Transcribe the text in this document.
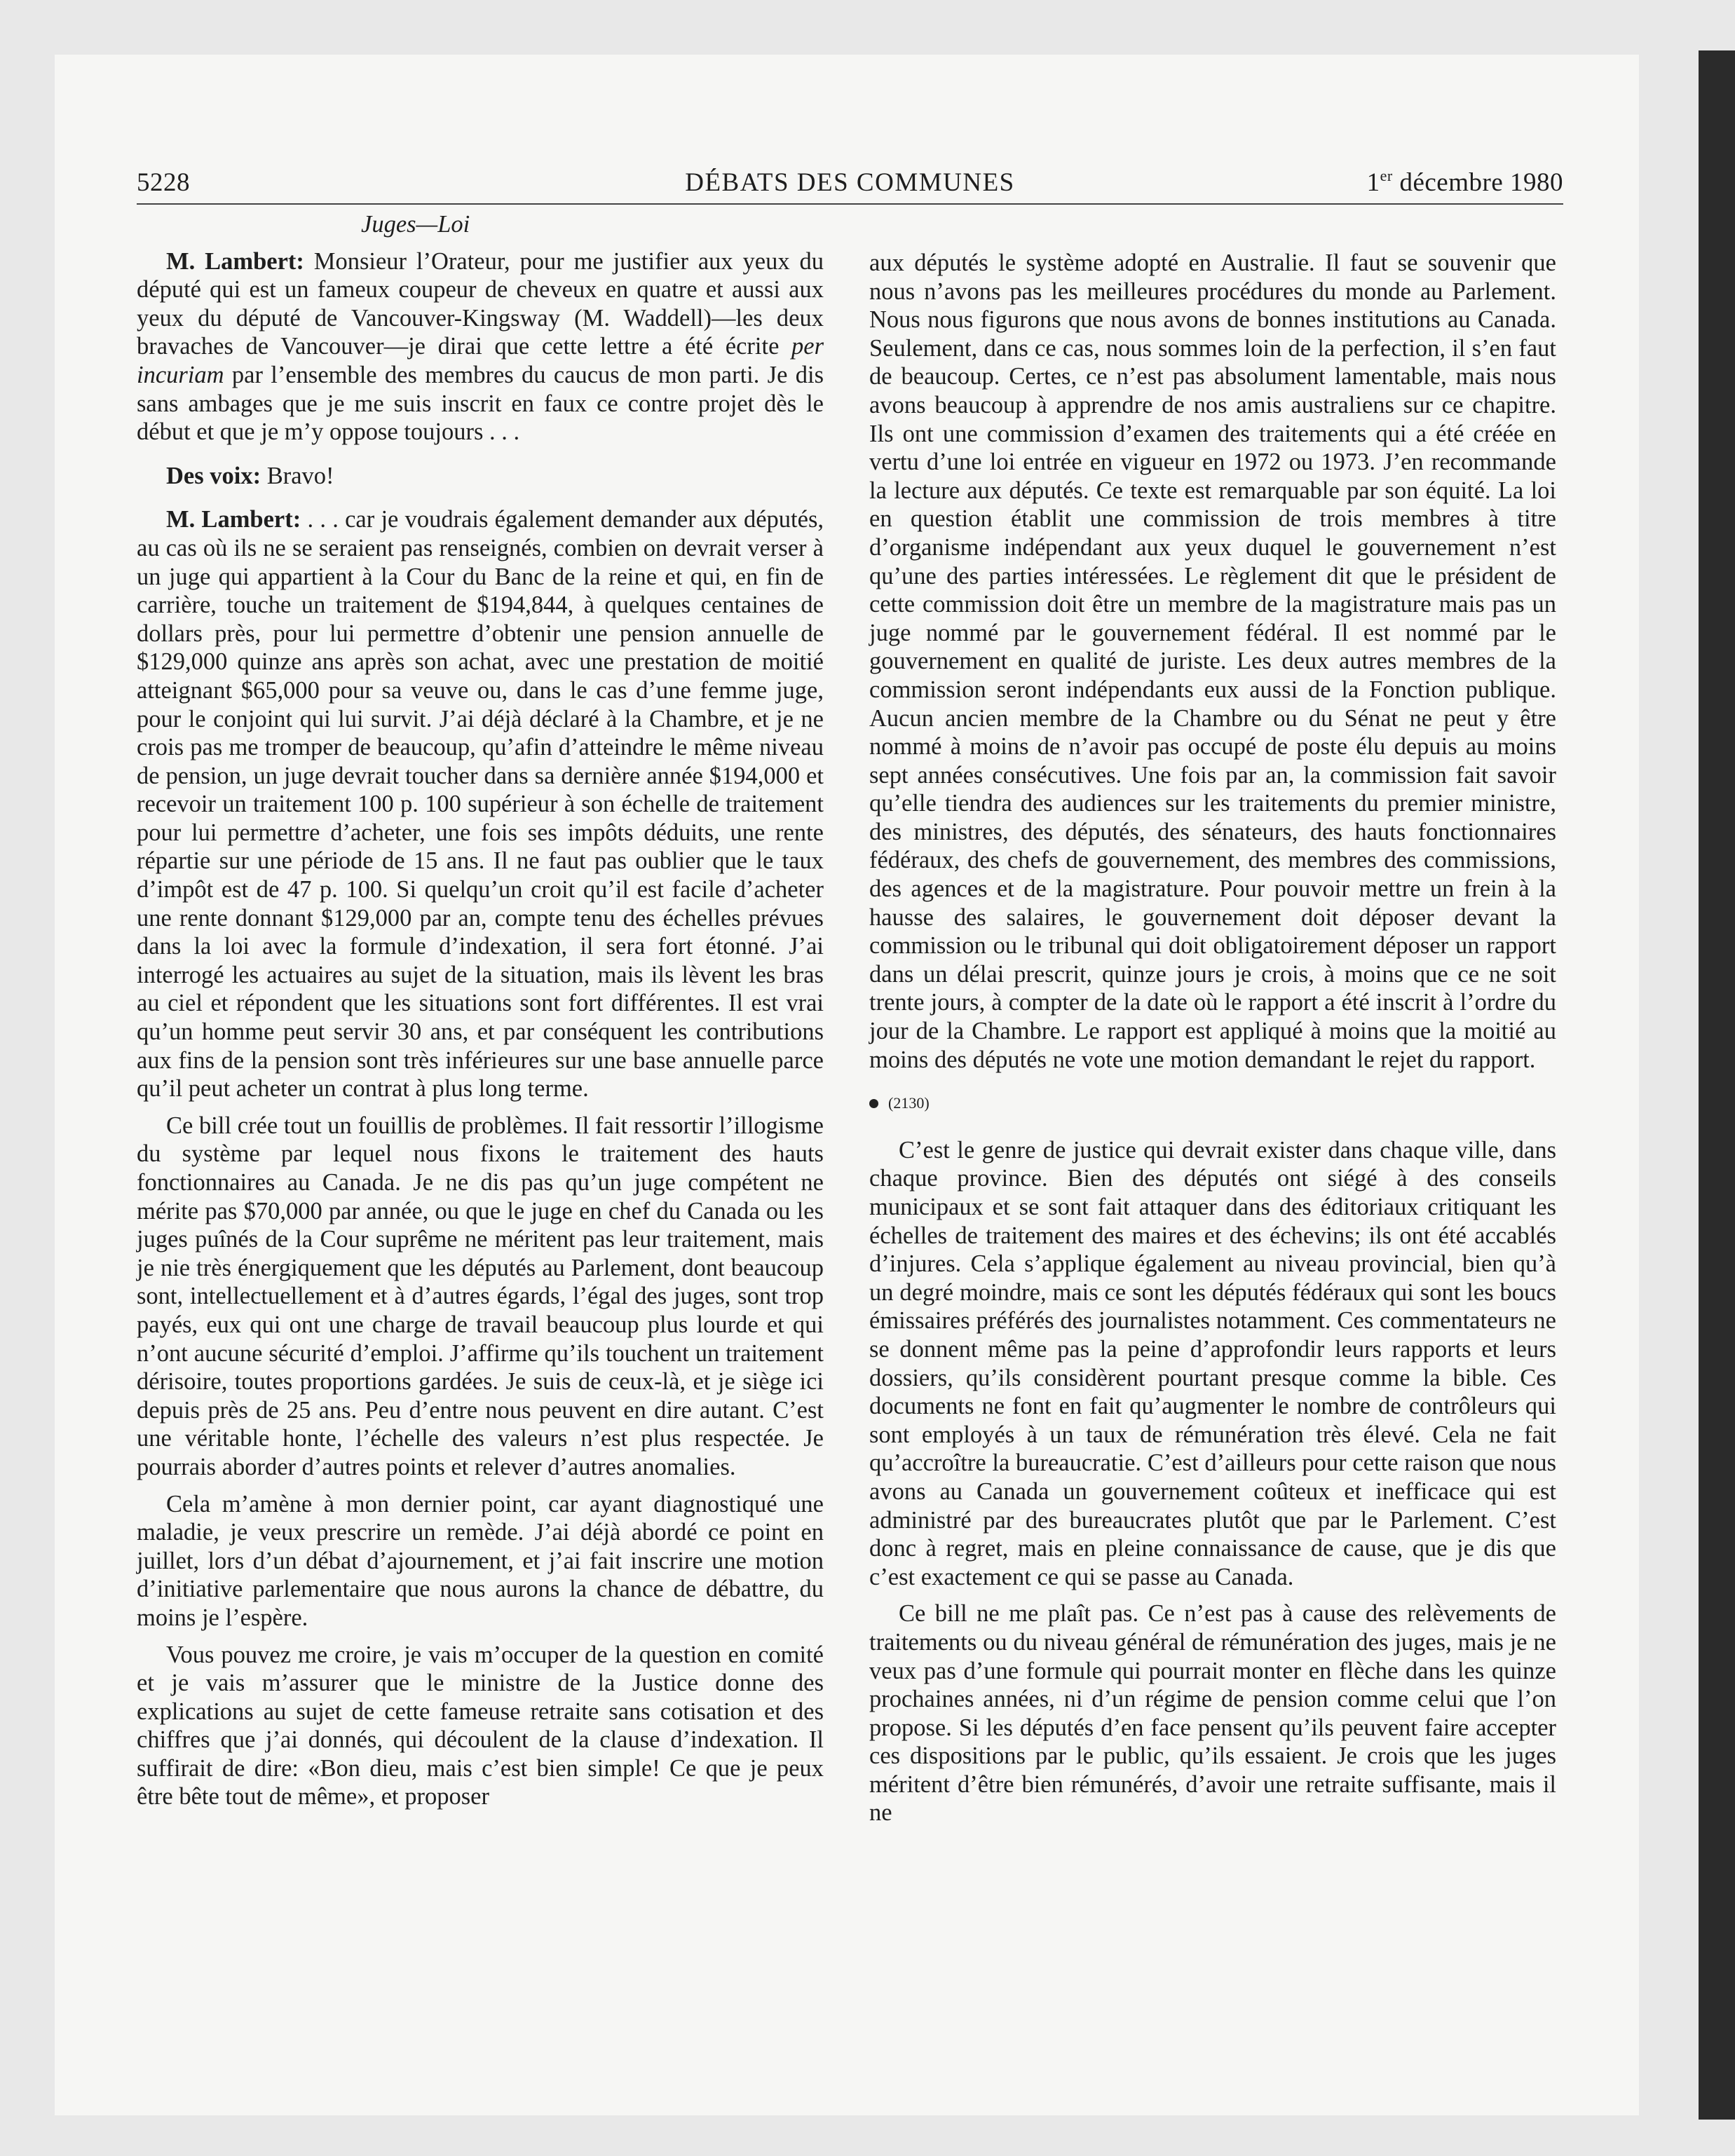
5228	DÉBATS DES COMMUNES	1er décembre 1980

Juges—Loi

M. Lambert: Monsieur l’Orateur, pour me justifier aux yeux du député qui est un fameux coupeur de cheveux en quatre et aussi aux yeux du député de Vancouver-Kingsway (M. Waddell)—les deux bravaches de Vancouver—je dirai que cette lettre a été écrite per incuriam par l’ensemble des membres du caucus de mon parti. Je dis sans ambages que je me suis inscrit en faux ce contre projet dès le début et que je m’y oppose toujours . . .

Des voix: Bravo!

M. Lambert: . . . car je voudrais également demander aux députés, au cas où ils ne se seraient pas renseignés, combien on devrait verser à un juge qui appartient à la Cour du Banc de la reine et qui, en fin de carrière, touche un traitement de $194,844, à quelques centaines de dollars près, pour lui permettre d’obtenir une pension annuelle de $129,000 quinze ans après son achat, avec une prestation de moitié atteignant $65,000 pour sa veuve ou, dans le cas d’une femme juge, pour le conjoint qui lui survit. J’ai déjà déclaré à la Chambre, et je ne crois pas me tromper de beaucoup, qu’afin d’atteindre le même niveau de pension, un juge devrait toucher dans sa dernière année $194,000 et recevoir un traitement 100 p. 100 supérieur à son échelle de traitement pour lui permettre d’acheter, une fois ses impôts déduits, une rente répartie sur une période de 15 ans. Il ne faut pas oublier que le taux d’impôt est de 47 p. 100. Si quelqu’un croit qu’il est facile d’acheter une rente donnant $129,000 par an, compte tenu des échelles prévues dans la loi avec la formule d’indexation, il sera fort étonné. J’ai interrogé les actuaires au sujet de la situation, mais ils lèvent les bras au ciel et répondent que les situations sont fort différentes. Il est vrai qu’un homme peut servir 30 ans, et par conséquent les contributions aux fins de la pension sont très inférieures sur une base annuelle parce qu’il peut acheter un contrat à plus long terme.

Ce bill crée tout un fouillis de problèmes. Il fait ressortir l’illogisme du système par lequel nous fixons le traitement des hauts fonctionnaires au Canada. Je ne dis pas qu’un juge compétent ne mérite pas $70,000 par année, ou que le juge en chef du Canada ou les juges puînés de la Cour suprême ne méritent pas leur traitement, mais je nie très énergiquement que les députés au Parlement, dont beaucoup sont, intellectuellement et à d’autres égards, l’égal des juges, sont trop payés, eux qui ont une charge de travail beaucoup plus lourde et qui n’ont aucune sécurité d’emploi. J’affirme qu’ils touchent un traitement dérisoire, toutes proportions gardées. Je suis de ceux-là, et je siège ici depuis près de 25 ans. Peu d’entre nous peuvent en dire autant. C’est une véritable honte, l’échelle des valeurs n’est plus respectée. Je pourrais aborder d’autres points et relever d’autres anomalies.

Cela m’amène à mon dernier point, car ayant diagnostiqué une maladie, je veux prescrire un remède. J’ai déjà abordé ce point en juillet, lors d’un débat d’ajournement, et j’ai fait inscrire une motion d’initiative parlementaire que nous aurons la chance de débattre, du moins je l’espère.

Vous pouvez me croire, je vais m’occuper de la question en comité et je vais m’assurer que le ministre de la Justice donne des explications au sujet de cette fameuse retraite sans cotisation et des chiffres que j’ai donnés, qui découlent de la clause d’indexation. Il suffirait de dire: «Bon dieu, mais c’est bien simple! Ce que je peux être bête tout de même», et proposer

aux députés le système adopté en Australie. Il faut se souvenir que nous n’avons pas les meilleures procédures du monde au Parlement. Nous nous figurons que nous avons de bonnes institutions au Canada. Seulement, dans ce cas, nous sommes loin de la perfection, il s’en faut de beaucoup. Certes, ce n’est pas absolument lamentable, mais nous avons beaucoup à apprendre de nos amis australiens sur ce chapitre. Ils ont une commission d’examen des traitements qui a été créée en vertu d’une loi entrée en vigueur en 1972 ou 1973. J’en recommande la lecture aux députés. Ce texte est remarquable par son équité. La loi en question établit une commission de trois membres à titre d’organisme indépendant aux yeux duquel le gouvernement n’est qu’une des parties intéressées. Le règlement dit que le président de cette commission doit être un membre de la magistrature mais pas un juge nommé par le gouvernement fédéral. Il est nommé par le gouvernement en qualité de juriste. Les deux autres membres de la commission seront indépendants eux aussi de la Fonction publique. Aucun ancien membre de la Chambre ou du Sénat ne peut y être nommé à moins de n’avoir pas occupé de poste élu depuis au moins sept années consécutives. Une fois par an, la commission fait savoir qu’elle tiendra des audiences sur les traitements du premier ministre, des ministres, des députés, des sénateurs, des hauts fonctionnaires fédéraux, des chefs de gouvernement, des membres des commissions, des agences et de la magistrature. Pour pouvoir mettre un frein à la hausse des salaires, le gouvernement doit déposer devant la commission ou le tribunal qui doit obligatoirement déposer un rapport dans un délai prescrit, quinze jours je crois, à moins que ce ne soit trente jours, à compter de la date où le rapport a été inscrit à l’ordre du jour de la Chambre. Le rapport est appliqué à moins que la moitié au moins des députés ne vote une motion demandant le rejet du rapport.

(2130)

C’est le genre de justice qui devrait exister dans chaque ville, dans chaque province. Bien des députés ont siégé à des conseils municipaux et se sont fait attaquer dans des éditoriaux critiquant les échelles de traitement des maires et des échevins; ils ont été accablés d’injures. Cela s’applique également au niveau provincial, bien qu’à un degré moindre, mais ce sont les députés fédéraux qui sont les boucs émissaires préférés des journalistes notamment. Ces commentateurs ne se donnent même pas la peine d’approfondir leurs rapports et leurs dossiers, qu’ils considèrent pourtant presque comme la bible. Ces documents ne font en fait qu’augmenter le nombre de contrôleurs qui sont employés à un taux de rémunération très élevé. Cela ne fait qu’accroître la bureaucratie. C’est d’ailleurs pour cette raison que nous avons au Canada un gouvernement coûteux et inefficace qui est administré par des bureaucrates plutôt que par le Parlement. C’est donc à regret, mais en pleine connaissance de cause, que je dis que c’est exactement ce qui se passe au Canada.

Ce bill ne me plaît pas. Ce n’est pas à cause des relèvements de traitements ou du niveau général de rémunération des juges, mais je ne veux pas d’une formule qui pourrait monter en flèche dans les quinze prochaines années, ni d’un régime de pension comme celui que l’on propose. Si les députés d’en face pensent qu’ils peuvent faire accepter ces dispositions par le public, qu’ils essaient. Je crois que les juges méritent d’être bien rémunérés, d’avoir une retraite suffisante, mais il ne
